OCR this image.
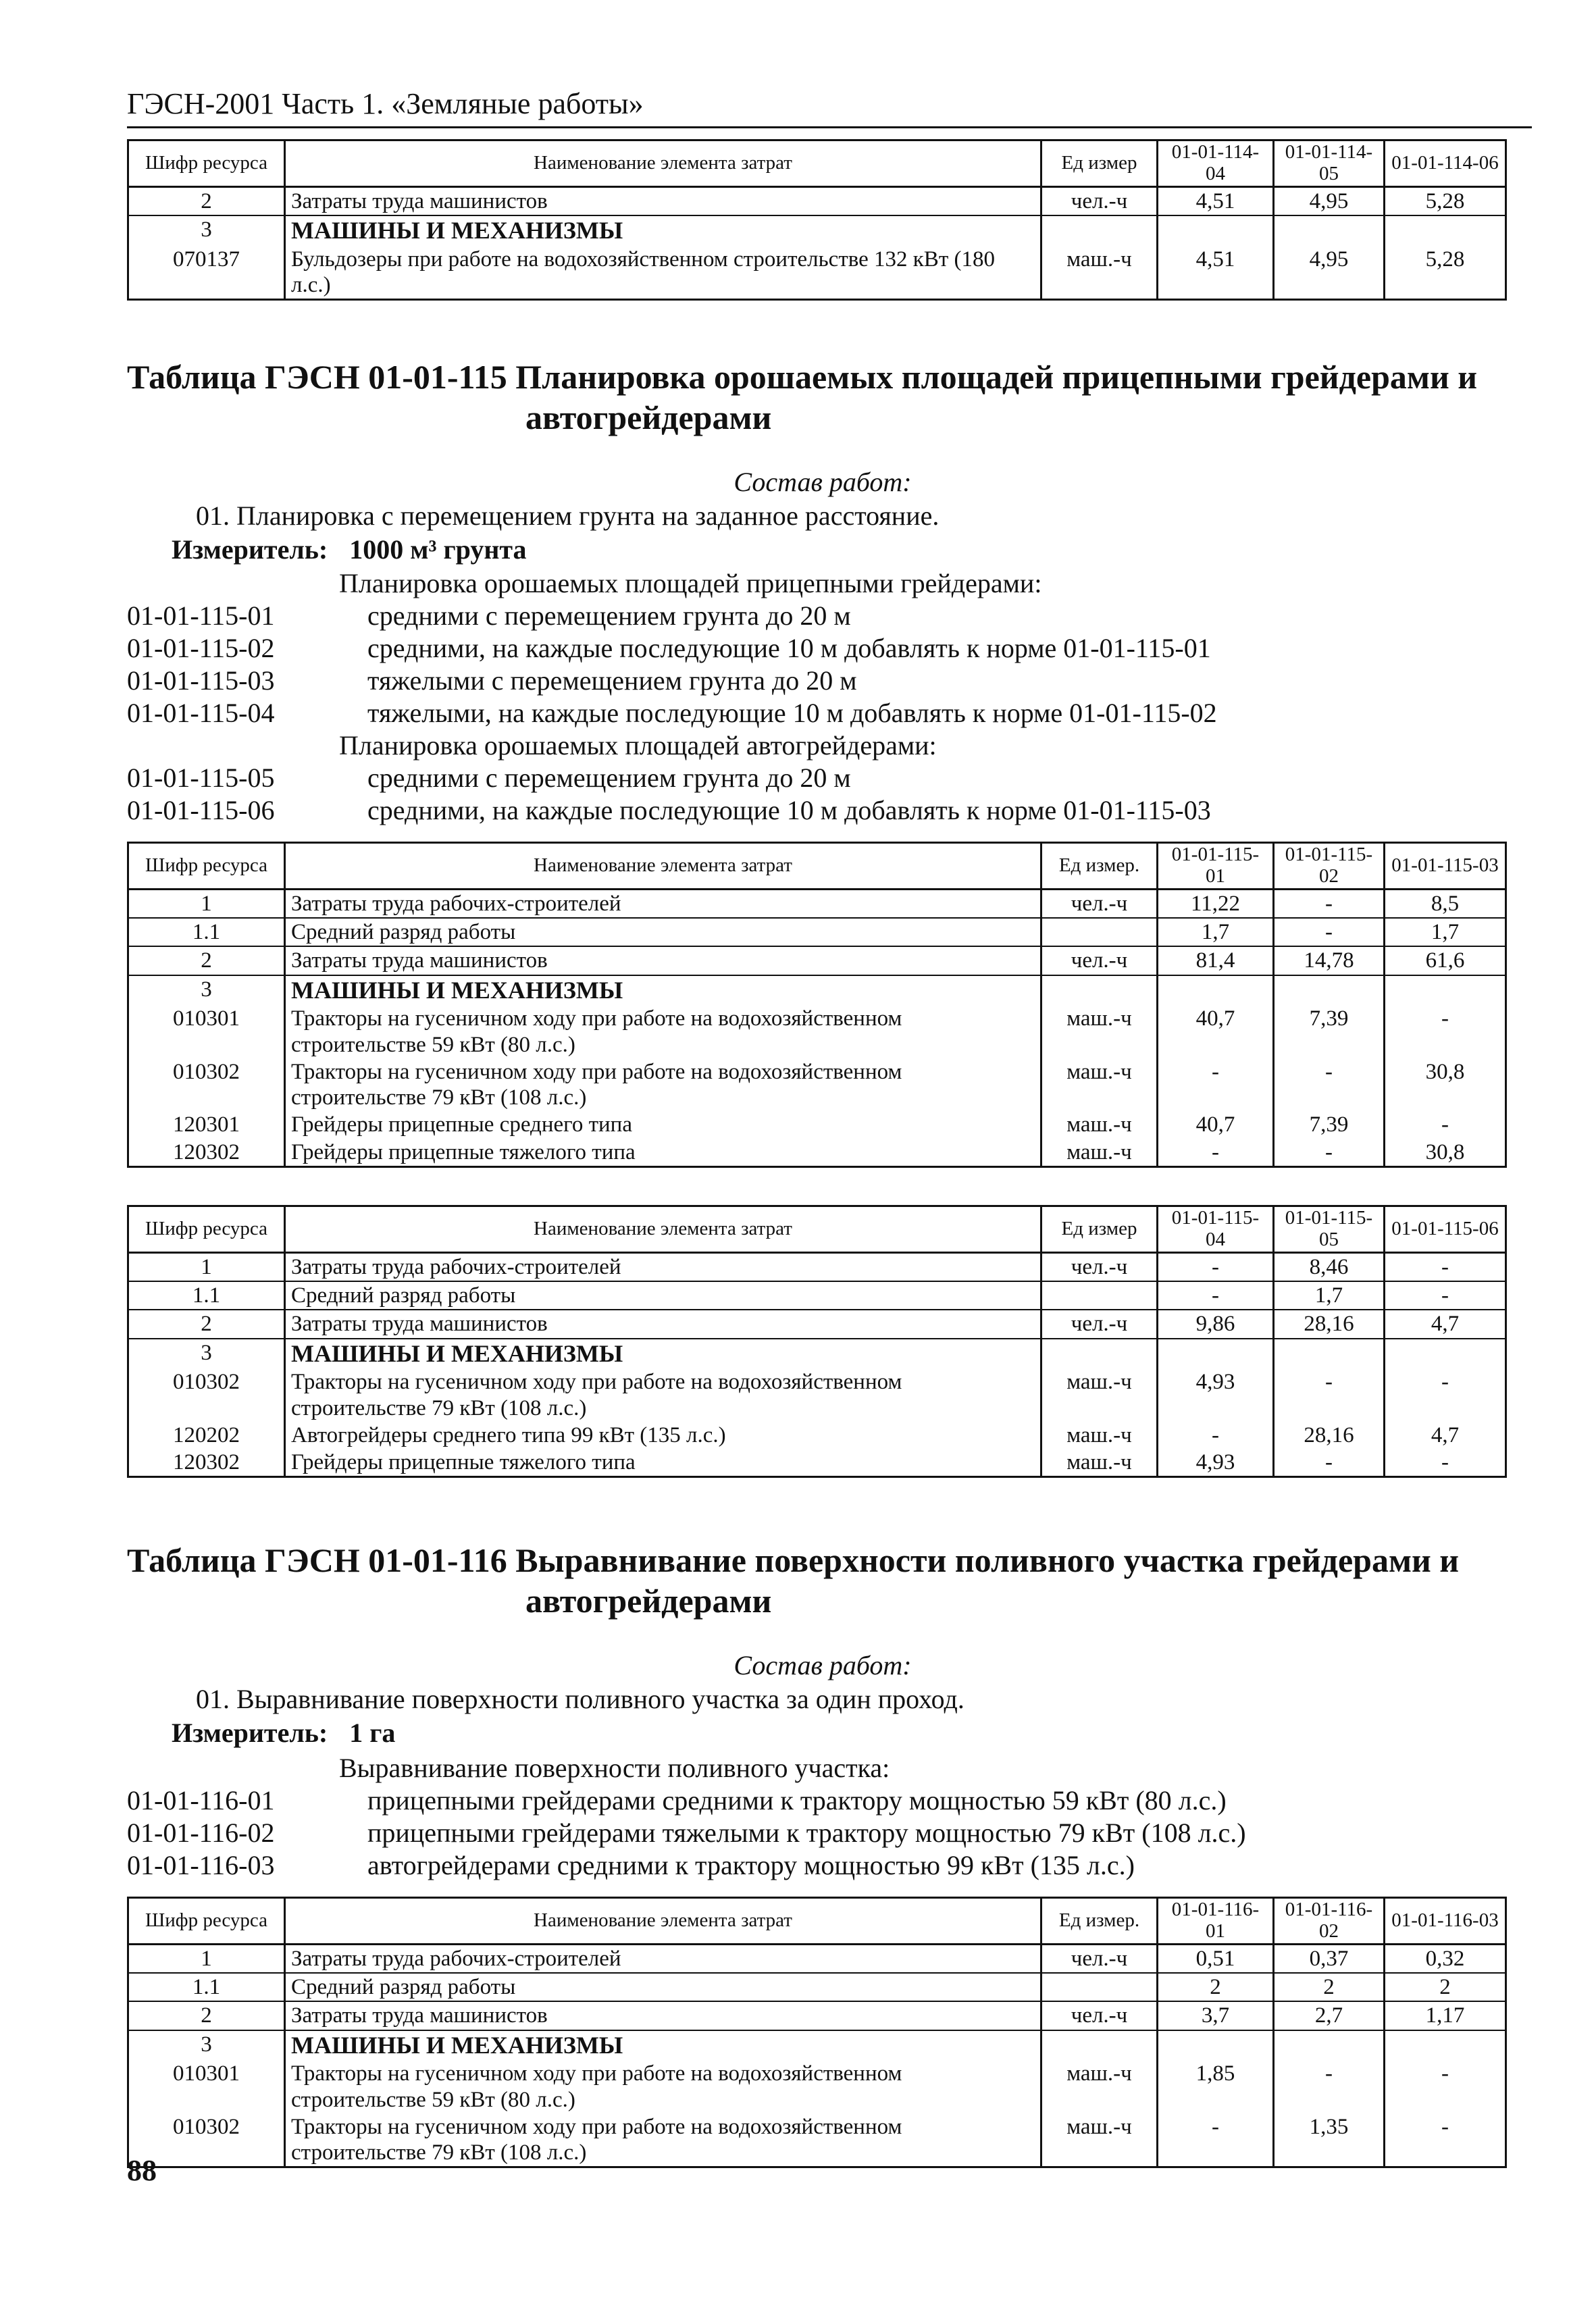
ГЭСН-2001 Часть 1. «Земляные работы»
Шифр ресурса	Наименование элемента затрат	Ед измер	01-01-114-04	01-01-114-05	01-01-114-06
2	Затраты труда машинистов	чел.-ч	4,51	4,95	5,28
3	МАШИНЫ И МЕХАНИЗМЫ				
070137	Бульдозеры при работе на водохозяйственном строительстве 132 кВт (180 л.с.)	маш.-ч	4,51	4,95	5,28
Таблица ГЭСН 01-01-115 Планировка орошаемых площадей прицепными грейдерами и
автогрейдерами
Состав работ:
01. Планировка с перемещением грунта на заданное расстояние.
Измеритель: 1000 м³ грунта
Планировка орошаемых площадей прицепными грейдерами:
01-01-115-01	средними с перемещением грунта до 20 м
01-01-115-02	средними, на каждые последующие 10 м добавлять к норме 01-01-115-01
01-01-115-03	тяжелыми с перемещением грунта до 20 м
01-01-115-04	тяжелыми, на каждые последующие 10 м добавлять к норме 01-01-115-02
Планировка орошаемых площадей автогрейдерами:
01-01-115-05	средними с перемещением грунта до 20 м
01-01-115-06	средними, на каждые последующие 10 м добавлять к норме 01-01-115-03
Шифр ресурса	Наименование элемента затрат	Ед измер.	01-01-115-01	01-01-115-02	01-01-115-03
1	Затраты труда рабочих-строителей	чел.-ч	11,22	-	8,5
1.1	Средний разряд работы		1,7	-	1,7
2	Затраты труда машинистов	чел.-ч	81,4	14,78	61,6
3	МАШИНЫ И МЕХАНИЗМЫ				
010301	Тракторы на гусеничном ходу при работе на водохозяйственном строительстве 59 кВт (80 л.с.)	маш.-ч	40,7	7,39	-
010302	Тракторы на гусеничном ходу при работе на водохозяйственном строительстве 79 кВт (108 л.с.)	маш.-ч	-	-	30,8
120301	Грейдеры прицепные среднего типа	маш.-ч	40,7	7,39	-
120302	Грейдеры прицепные тяжелого типа	маш.-ч	-	-	30,8
Шифр ресурса	Наименование элемента затрат	Ед измер	01-01-115-04	01-01-115-05	01-01-115-06
1	Затраты труда рабочих-строителей	чел.-ч	-	8,46	-
1.1	Средний разряд работы		-	1,7	-
2	Затраты труда машинистов	чел.-ч	9,86	28,16	4,7
3	МАШИНЫ И МЕХАНИЗМЫ				
010302	Тракторы на гусеничном ходу при работе на водохозяйственном строительстве 79 кВт (108 л.с.)	маш.-ч	4,93	-	-
120202	Автогрейдеры среднего типа 99 кВт (135 л.с.)	маш.-ч	-	28,16	4,7
120302	Грейдеры прицепные тяжелого типа	маш.-ч	4,93	-	-
Таблица ГЭСН 01-01-116 Выравнивание поверхности поливного участка грейдерами и
автогрейдерами
Состав работ:
01. Выравнивание поверхности поливного участка за один проход.
Измеритель: 1 га
Выравнивание поверхности поливного участка:
01-01-116-01	прицепными грейдерами средними к трактору мощностью 59 кВт (80 л.с.)
01-01-116-02	прицепными грейдерами тяжелыми к трактору мощностью 79 кВт (108 л.с.)
01-01-116-03	автогрейдерами средними к трактору мощностью 99 кВт (135 л.с.)
Шифр ресурса	Наименование элемента затрат	Ед измер.	01-01-116-01	01-01-116-02	01-01-116-03
1	Затраты труда рабочих-строителей	чел.-ч	0,51	0,37	0,32
1.1	Средний разряд работы		2	2	2
2	Затраты труда машинистов	чел.-ч	3,7	2,7	1,17
3	МАШИНЫ И МЕХАНИЗМЫ				
010301	Тракторы на гусеничном ходу при работе на водохозяйственном строительстве 59 кВт (80 л.с.)	маш.-ч	1,85	-	-
010302	Тракторы на гусеничном ходу при работе на водохозяйственном строительстве 79 кВт (108 л.с.)	маш.-ч	-	1,35	-
88
